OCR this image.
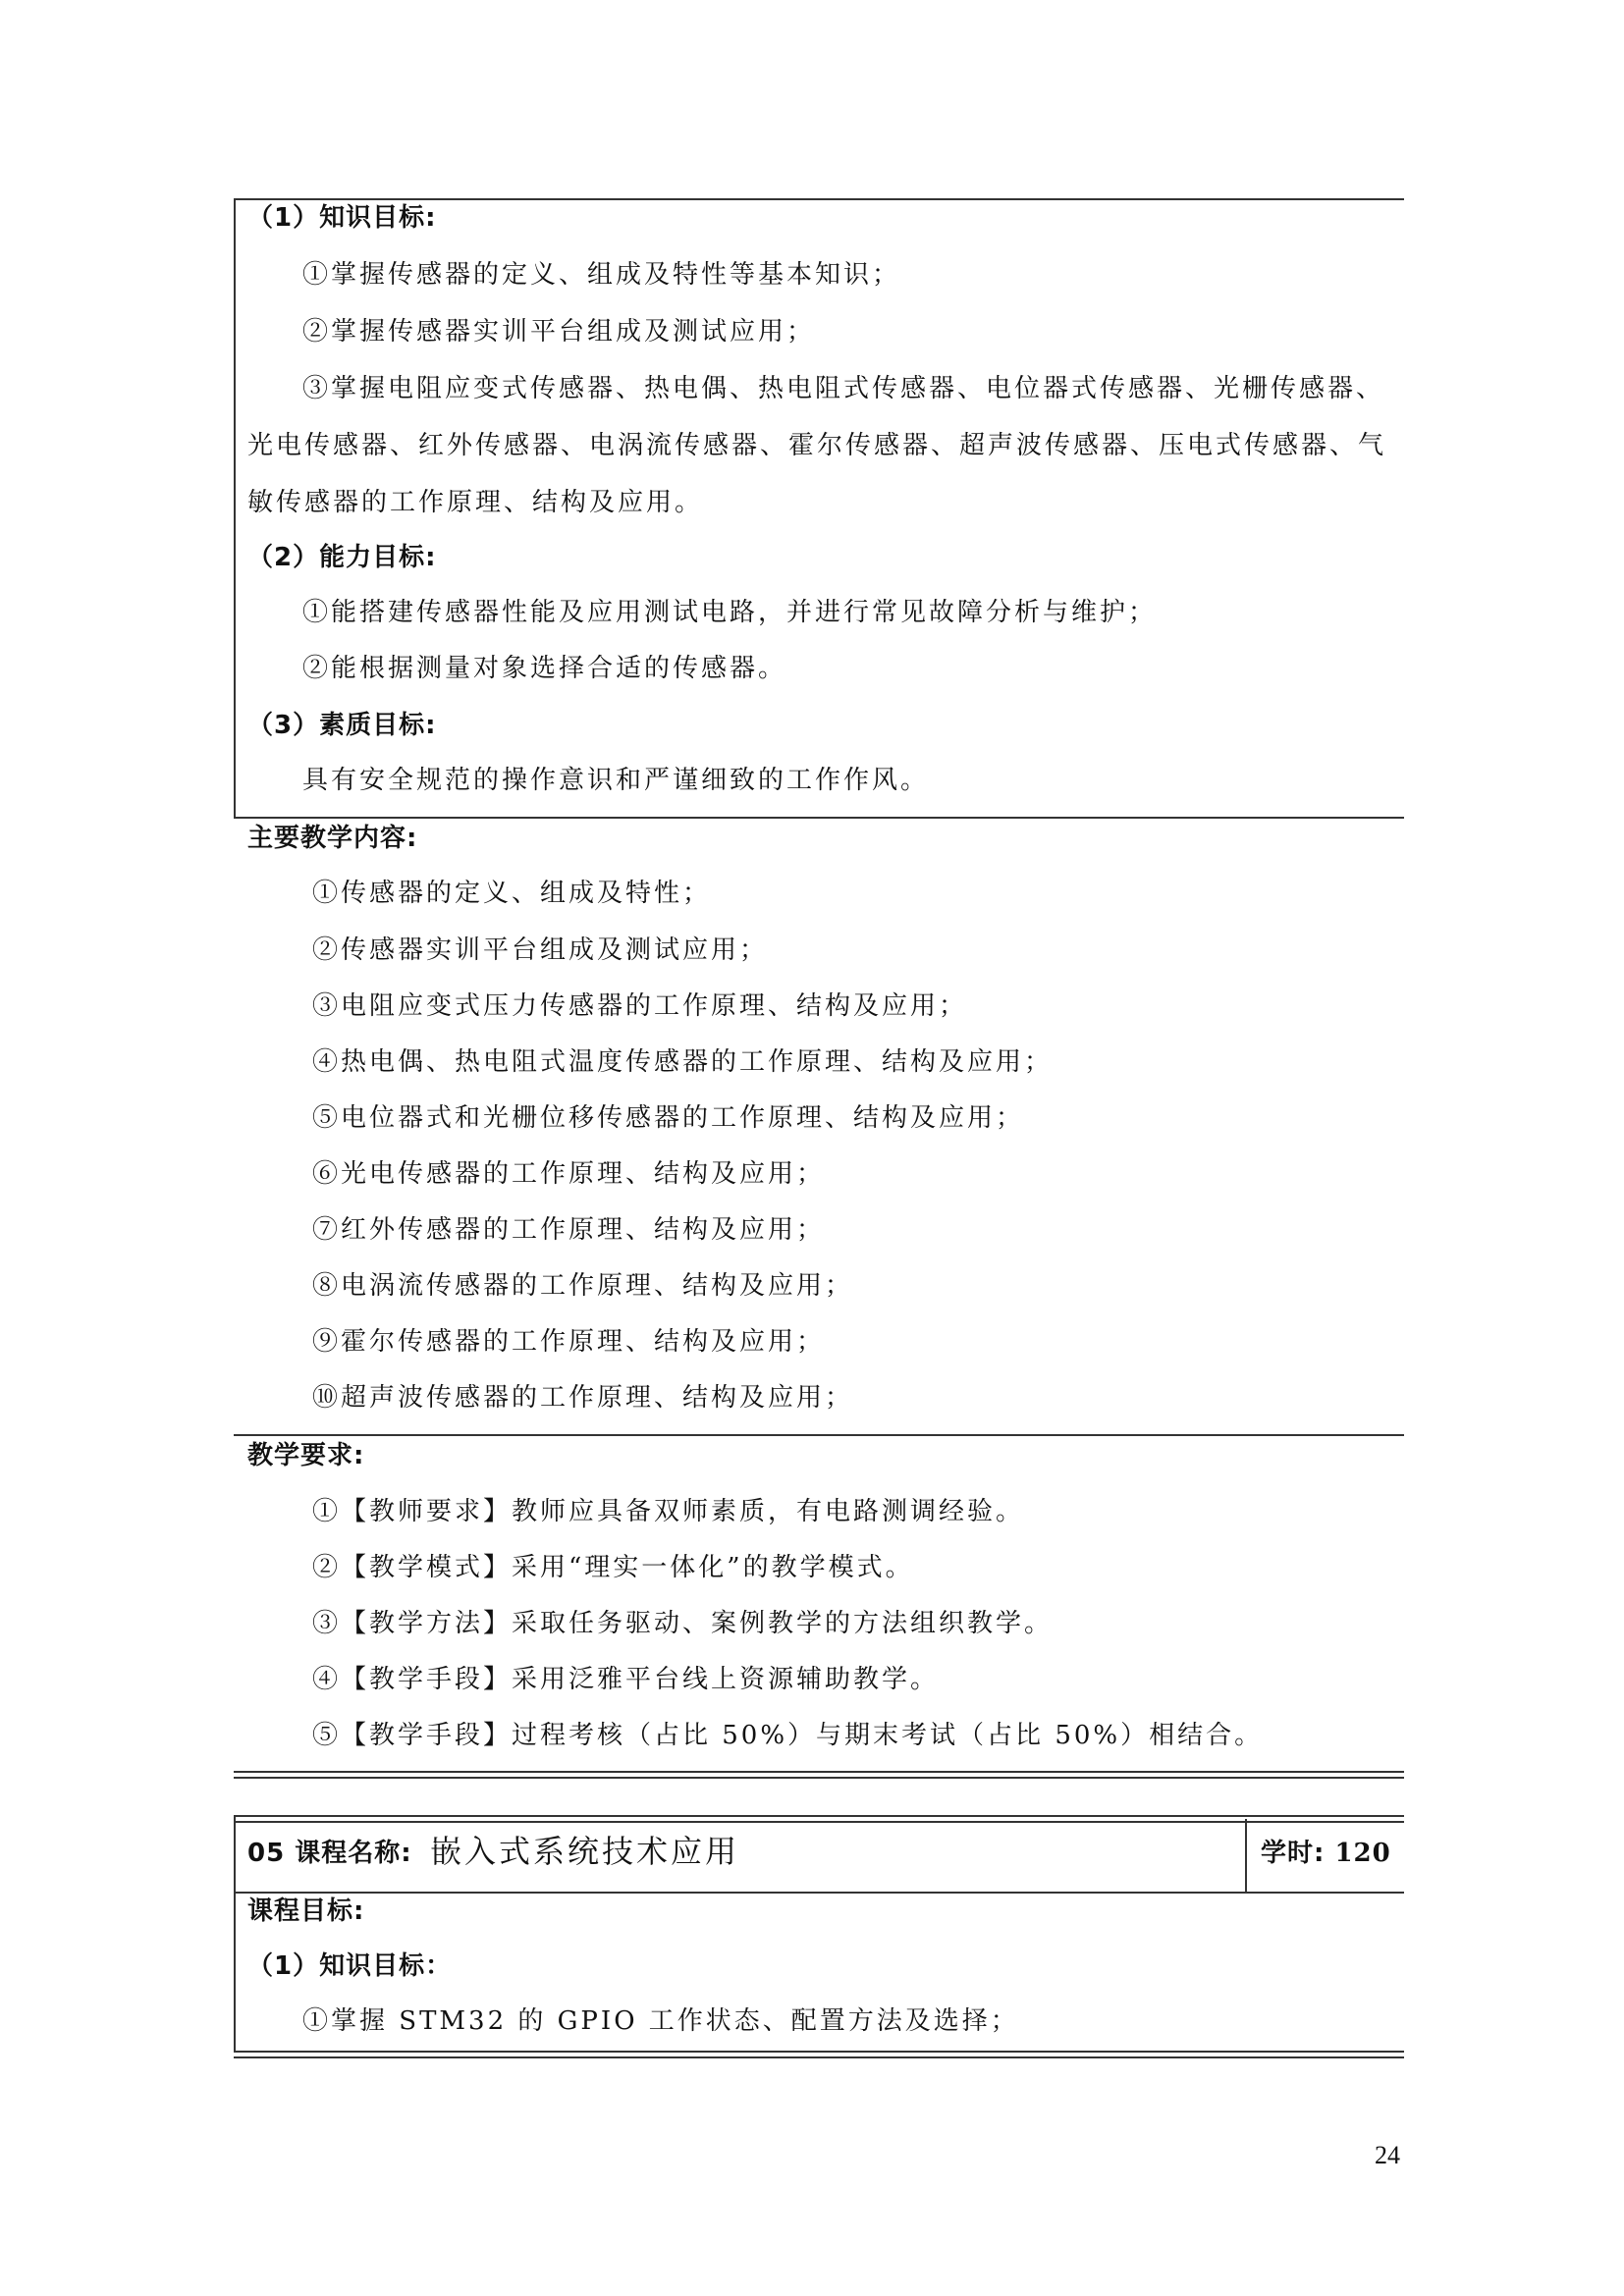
（1）知识目标:
①掌握传感器的定义、组成及特性等基本知识；
②掌握传感器实训平台组成及测试应用；

③掌握电阻应变式传感器、热电偶、热电阻式传感器、电位器式传感器、光栅传感器、光电传感器、红外传感器、电涡流传感器、霍尔传感器、超声波传感器、压电式传感器、气敏传感器的工作原理、结构及应用。

（2）能力目标:
①能搭建传感器性能及应用测试电路，并进行常见故障分析与维护；
②能根据测量对象选择合适的传感器。
（3）素质目标:
具有安全规范的操作意识和严谨细致的工作作风。
主要教学内容:
①传感器的定义、组成及特性；
②传感器实训平台组成及测试应用；
③电阻应变式压力传感器的工作原理、结构及应用；
④热电偶、热电阻式温度传感器的工作原理、结构及应用；
⑤电位器式和光栅位移传感器的工作原理、结构及应用；
⑥光电传感器的工作原理、结构及应用；
⑦红外传感器的工作原理、结构及应用；
⑧电涡流传感器的工作原理、结构及应用；
⑨霍尔传感器的工作原理、结构及应用；
⑩超声波传感器的工作原理、结构及应用；
教学要求:
①【教师要求】教师应具备双师素质，有电路测调经验。
②【教学模式】采用“理实一体化”的教学模式。
③【教学方法】采取任务驱动、案例教学的方法组织教学。
④【教学手段】采用泛雅平台线上资源辅助教学。
⑤【教学手段】过程考核（占比 50%）与期末考试（占比 50%）相结合。
05 课程名称: 嵌入式系统技术应用	学时: 120
课程目标:
（1）知识目标：
①掌握 STM32 的 GPIO 工作状态、配置方法及选择；
24
